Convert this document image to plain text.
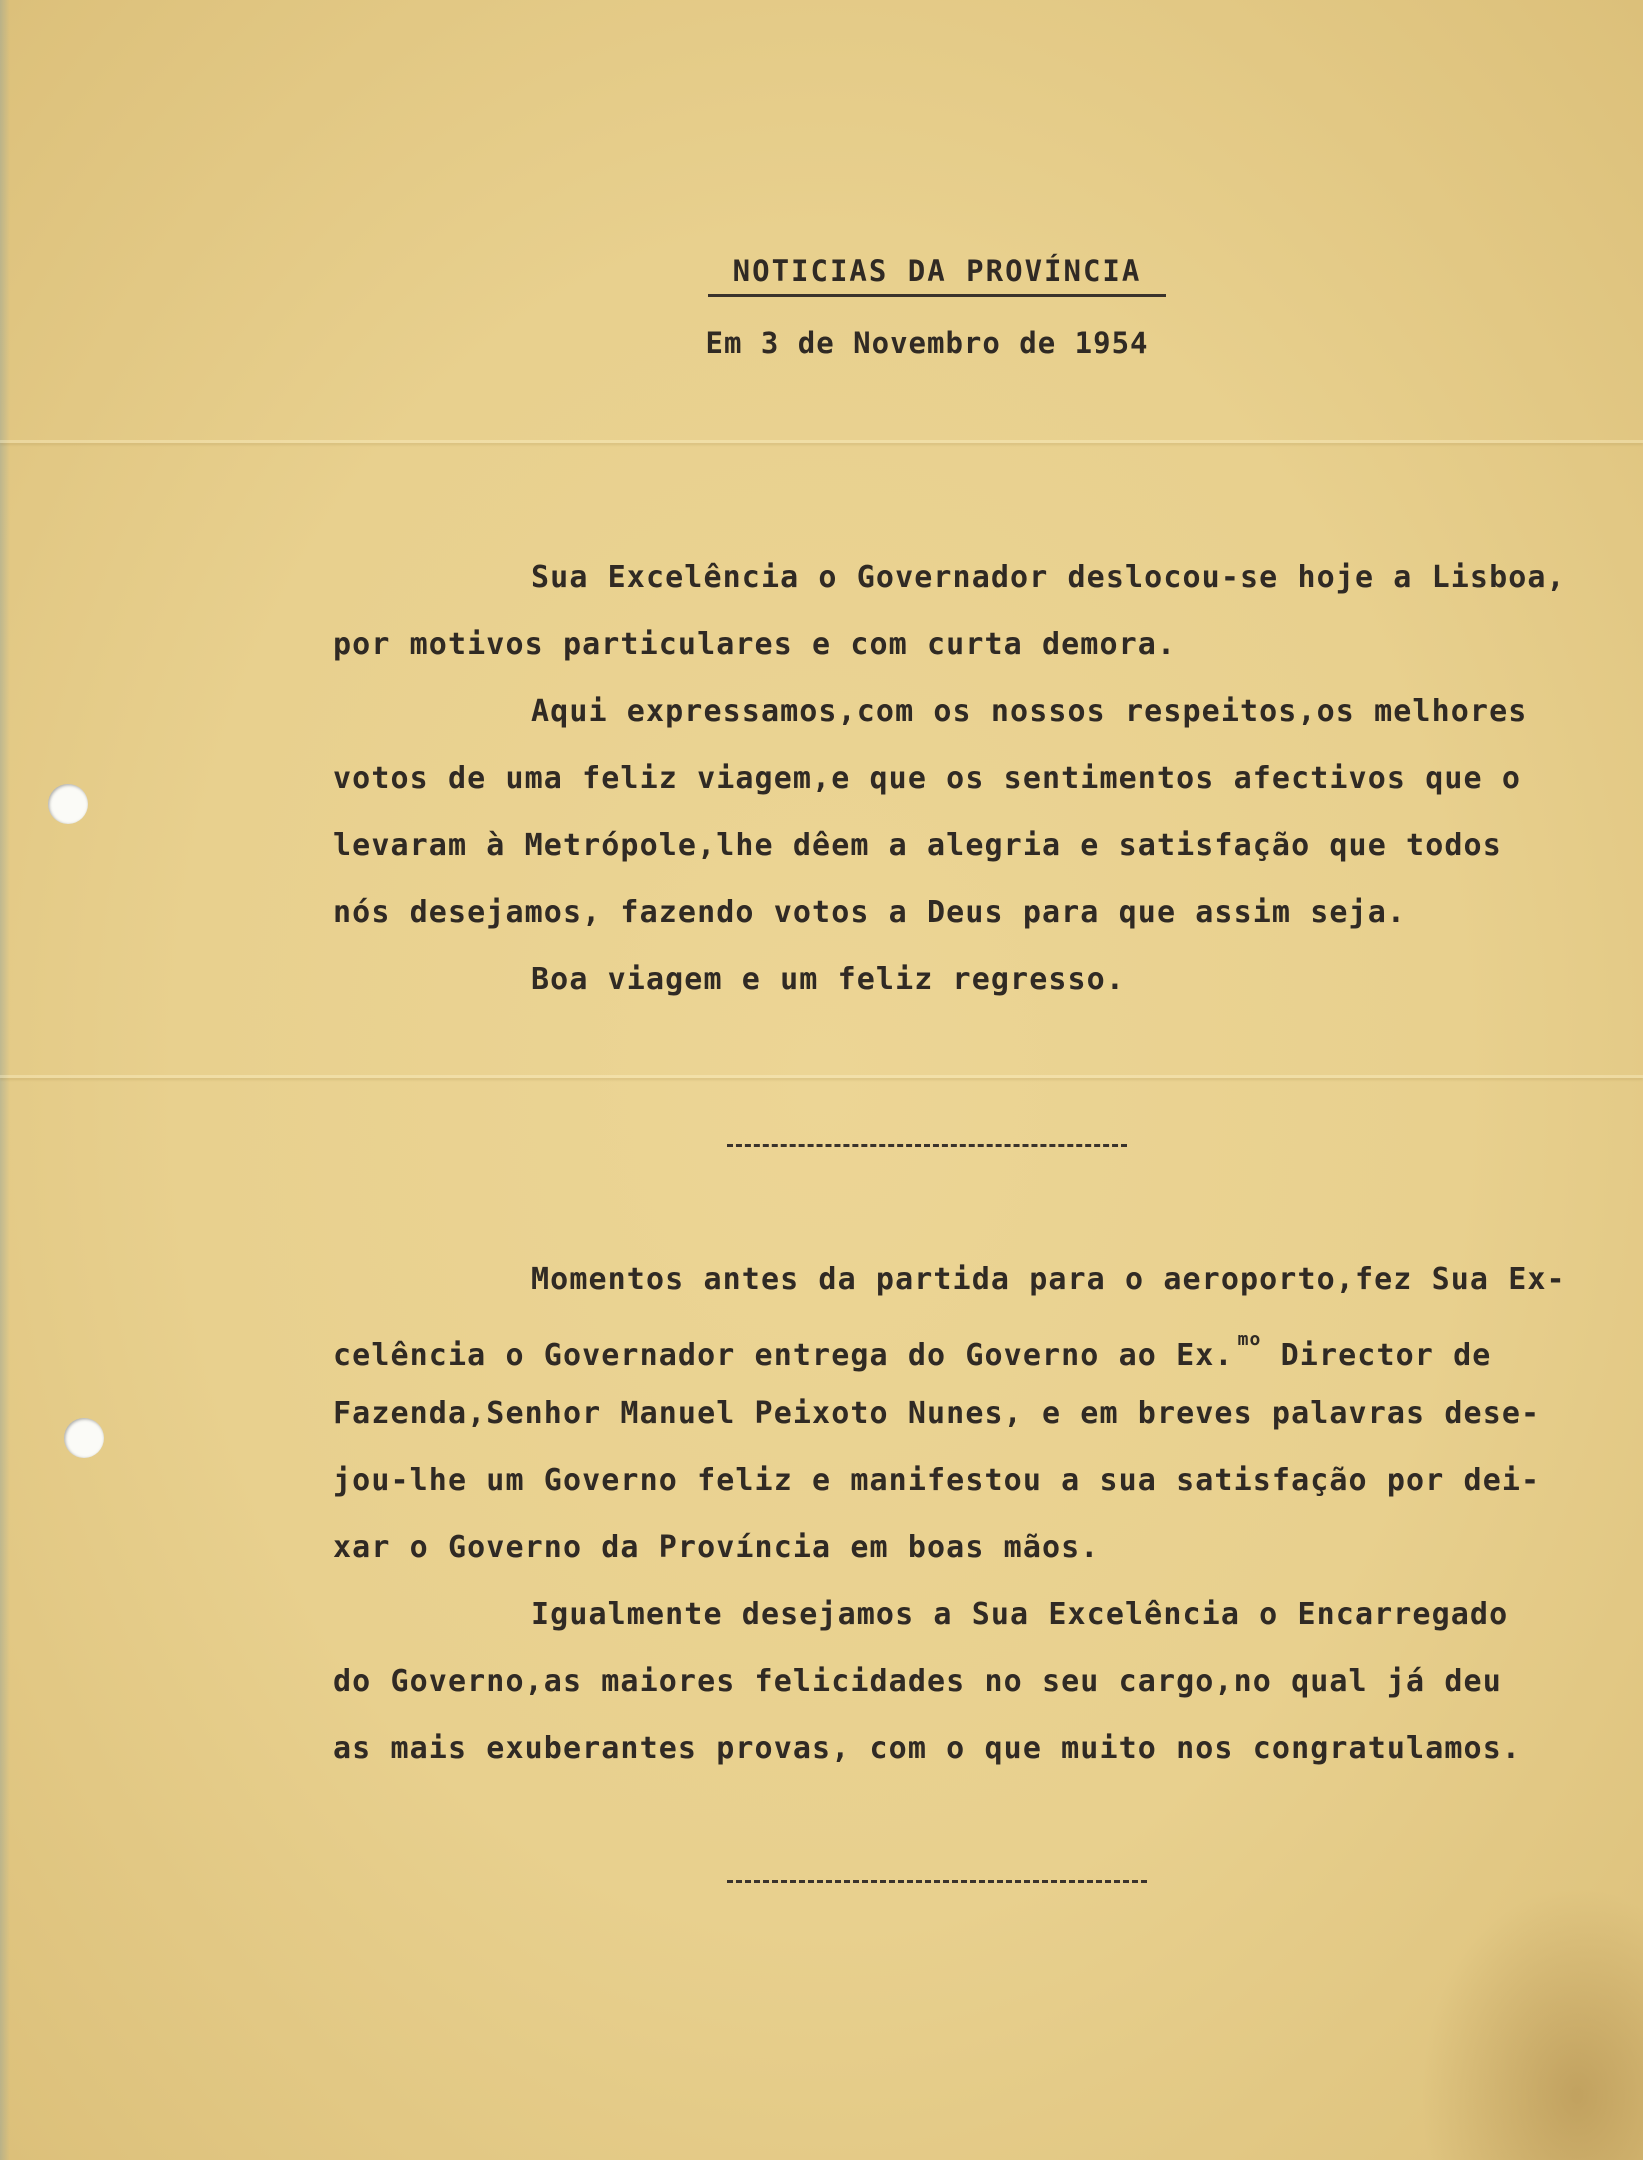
NOTICIAS DA PROVÍNCIA
Em 3 de Novembro de 1954
Sua Excelência o Governador deslocou-se hoje a Lisboa,
por motivos particulares e com curta demora.
Aqui expressamos,com os nossos respeitos,os melhores
votos de uma feliz viagem,e que os sentimentos afectivos que o
levaram à Metrópole,lhe dêem a alegria e satisfação que todos
nós desejamos, fazendo votos a Deus para que assim seja.
Boa viagem e um feliz regresso.
Momentos antes da partida para o aeroporto,fez Sua Ex-
celência o Governador entrega do Governo ao Ex. $^{mo}$ Director de
Fazenda,Senhor Manuel Peixoto Nunes, e em breves palavras dese-
jou-lhe um Governo feliz e manifestou a sua satisfação por dei-
xar o Governo da Província em boas mãos.
Igualmente desejamos a Sua Excelência o Encarregado
do Governo,as maiores felicidades no seu cargo,no qual já deu
as mais exuberantes provas, com o que muito nos congratulamos.
